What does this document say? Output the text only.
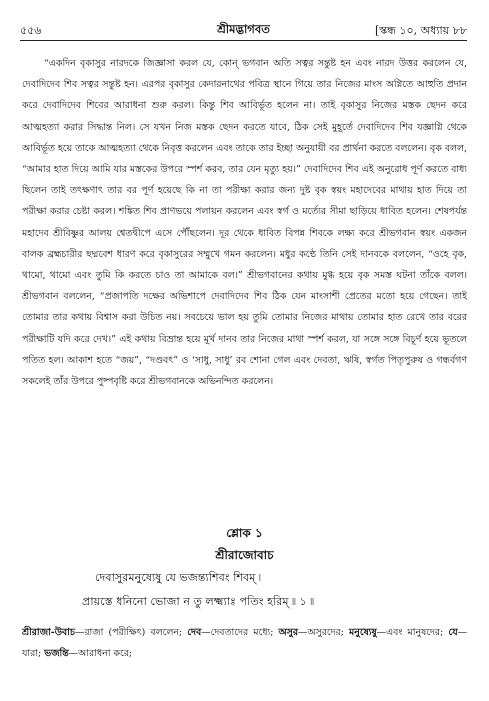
৫৫৬	শ্রীমদ্ভাগবত	[স্কন্ধ ১০, অধ্যায় ৮৮

“একদিন বৃকাসুর নারদকে জিজ্ঞাসা করল যে, কোন্ ভগবান অতি সত্বর সন্তুষ্ট হন এবং নারদ উত্তর করলেন যে, দেবাদিদেব শিব সত্বর সন্তুষ্ট হন। এরপর বৃকাসুর কেদারনাথের পবিত্র স্থানে গিয়ে তার নিজের মাংস অগ্নিতে আহুতি প্রদান করে দেবাদিদেব শিবের আরাধনা শুরু করল। কিন্তু শিব আবির্ভূত হলেন না। তাই বৃকাসুর নিজের মস্তক ছেদন করে আত্মহত্যা করার সিদ্ধান্ত নিল। সে যখন নিজ মস্তক ছেদন করতে যাবে, ঠিক সেই মুহূর্তে দেবাদিদেব শিব যজ্ঞাগ্নি থেকে আবির্ভূত হয়ে তাকে আত্মহত্যা থেকে নিবৃত্ত করলেন এবং তাকে তার ইচ্ছা অনুযায়ী বর প্রার্থনা করতে বললেন। বৃক বলল, “আমার হাত দিয়ে আমি যার মস্তকের উপরে স্পর্শ করব, তার যেন মৃত্যু হয়।” দেবাদিদেব শিব এই অনুরোধ পূর্ণ করতে বাধ্য ছিলেন তাই তৎক্ষণাৎ তার বর পূর্ণ হয়েছে কি না তা পরীক্ষা করার জন্য দুষ্ট বৃক স্বয়ং মহাদেবের মাথায় হাত দিয়ে তা পরীক্ষা করার চেষ্টা করল। শঙ্কিত শিব প্রাণভয়ে পলায়ন করলেন এবং স্বর্গ ও মর্ত্যের সীমা ছাড়িয়ে ধাবিত হলেন। শেষপর্যন্ত মহাদেব শ্রীবিষ্ণুর আলয় শ্বেতদ্বীপে এসে পৌঁছলেন। দূর থেকে ধাবিত বিপন্ন শিবকে লক্ষ্য করে শ্রীভগবান স্বয়ং একজন বালক ব্রহ্মচারীর ছদ্মবেশ ধারণ করে বৃকাসুরের সম্মুখে গমন করলেন। মধুর কণ্ঠে তিনি সেই দানবকে বললেন, “ওহে বৃক, থামো, থামো এবং তুমি কি করতে চাও তা আমাকে বল।” শ্রীভগবানের কথায় মুগ্ধ হয়ে বৃক সমস্ত ঘটনা তাঁকে বলল। শ্রীভগবান বললেন, “প্রজাপতি দক্ষের অভিশাপে দেবাদিদেব শিব ঠিক যেন মাংসাশী প্রেতের মতো হয়ে গেছেন। তাই তোমার তার কথায় বিশ্বাস করা উচিত নয়। সবচেয়ে ভাল হয় তুমি তোমার নিজের মাথায় তোমার হাত রেখে তার বরের পরীক্ষাটি যদি করে দেখ।” এই কথায় বিভ্রান্ত হয়ে মূর্খ দানব তার নিজের মাথা স্পর্শ করল, যা সঙ্গে সঙ্গে বিচূর্ণ হয়ে ভূতলে পতিত হল। আকাশ হতে “জয়”, “দণ্ডবৎ” ও ‘সাধু, সাধু’ রব শোনা গেল এবং দেবতা, ঋষি, স্বর্গত পিতৃপুরুষ ও গন্ধর্বগণ সকলেই তাঁর উপরে পুষ্পবৃষ্টি করে শ্রীভগবানকে অভিনন্দিত করলেন।

শ্লোক ১
শ্রীরাজোবাচ
দেবাসুরমনুষ্যেষু যে ভজন্ত্যশিবং শিবম্ ৷
প্রায়স্তে ধনিনো ভোজা ন তু লক্ষ্ম্যাঃ পতিং হরিম্ ৷৷ ১ ৷৷
শ্রীরাজা-উবাচ—রাজা (পরীক্ষিৎ) বললেন; দেব—দেবতাদের মধ্যে; অসুর—অসুরদের; মনুষ্যেষু—এবং মানুষদের; যে—যারা; ভজন্তি—আরাধনা করে;
